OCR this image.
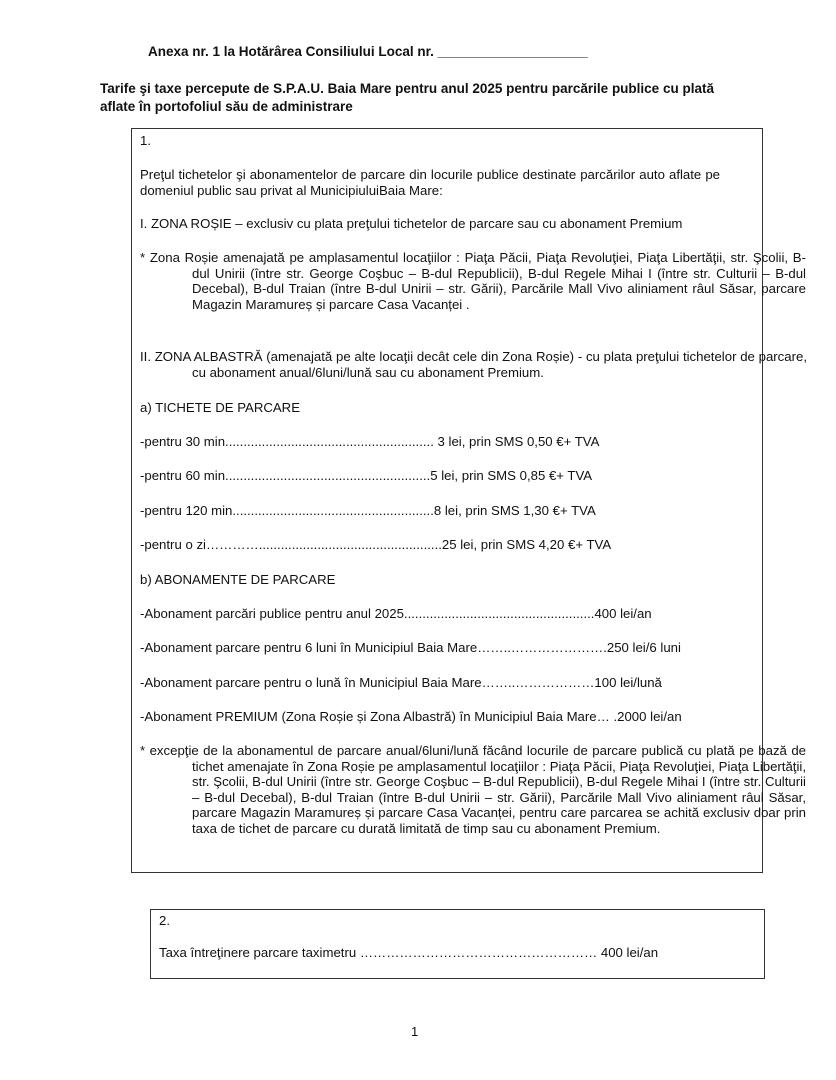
Anexa nr. 1 la Hotărârea Consiliului Local nr. ____________________
Tarife şi taxe percepute de S.P.A.U. Baia Mare pentru anul 2025 pentru parcările publice cu plată aflate în portofoliul său de administrare
1.
Preţul tichetelor şi abonamentelor de parcare din locurile publice destinate parcărilor auto aflate pe domeniul public sau privat al MunicipiuluiBaia Mare:
I. ZONA ROȘIE – exclusiv cu plata preţului tichetelor de parcare sau cu abonament Premium
* Zona Roșie amenajată pe amplasamentul locaţiilor : Piaţa Păcii, Piaţa Revoluţiei, Piaţa Libertăţii, str. Şcolii, B-dul Unirii (între str. George Coşbuc – B-dul Republicii), B-dul Regele Mihai I (între str. Culturii – B-dul Decebal), B-dul Traian (între B-dul Unirii – str. Gării), Parcările Mall Vivo aliniament râul Săsar, parcare Magazin Maramureș și parcare Casa Vacanței .
II. ZONA ALBASTRĂ (amenajată pe alte locaţii decât cele din Zona Roșie) - cu plata preţului tichetelor de parcare, cu abonament anual/6luni/lună sau cu abonament Premium.
a) TICHETE DE PARCARE
-pentru 30 min......................................................... 3 lei, prin SMS 0,50 €+ TVA
-pentru 60 min........................................................5 lei, prin SMS 0,85 €+ TVA
-pentru 120 min.......................................................8 lei, prin SMS 1,30 €+ TVA
-pentru o zi…………..................................................25 lei, prin SMS 4,20 €+ TVA
b) ABONAMENTE DE PARCARE
-Abonament parcări publice pentru anul 2025....................................................400 lei/an
-Abonament parcare pentru 6 luni în Municipiul Baia Mare……..………………….250 lei/6 luni
-Abonament parcare pentru o lună în Municipiul Baia Mare……..………………100 lei/lună
-Abonament PREMIUM (Zona Roșie și Zona Albastră) în Municipiul Baia Mare… .2000 lei/an
* excepţie de la abonamentul de parcare anual/6luni/lună făcând locurile de parcare publică cu plată pe bază de tichet amenajate în Zona Roșie pe amplasamentul locaţiilor : Piaţa Păcii, Piaţa Revoluţiei, Piaţa Libertăţii, str. Şcolii, B-dul Unirii (între str. George Coşbuc – B-dul Republicii), B-dul Regele Mihai I (între str. Culturii – B-dul Decebal), B-dul Traian (între B-dul Unirii – str. Gării), Parcările Mall Vivo aliniament râul Săsar, parcare Magazin Maramureș și parcare Casa Vacanței, pentru care parcarea se achită exclusiv doar prin taxa de tichet de parcare cu durată limitată de timp sau cu abonament Premium.
2.
Taxa întreţinere parcare taximetru ……………………………………………… 400 lei/an
1
